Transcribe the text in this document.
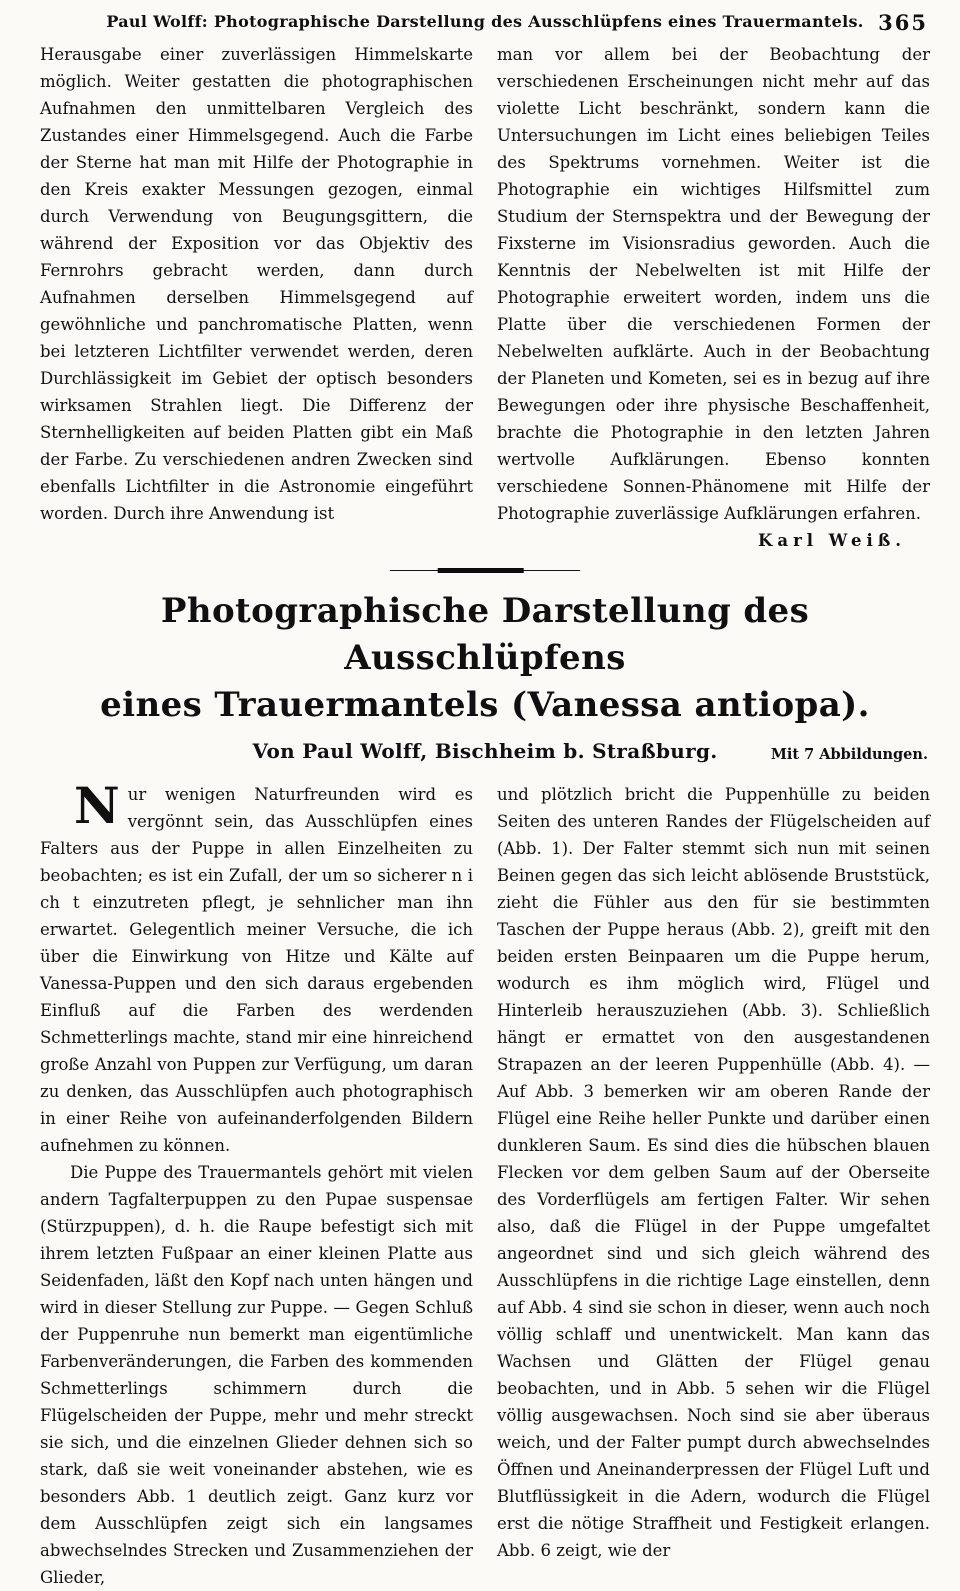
Paul Wolff: Photographische Darstellung des Ausschlüpfens eines Trauermantels. 365

Herausgabe einer zuverlässigen Himmelskarte möglich. Weiter gestatten die photographischen Aufnahmen den unmittelbaren Vergleich des Zustandes einer Himmelsgegend. Auch die Farbe der Sterne hat man mit Hilfe der Photographie in den Kreis exakter Messungen gezogen, einmal durch Verwendung von Beugungsgittern, die während der Exposition vor das Objektiv des Fernrohrs gebracht werden, dann durch Aufnahmen derselben Himmelsgegend auf gewöhnliche und panchromatische Platten, wenn bei letzteren Lichtfilter verwendet werden, deren Durchlässigkeit im Gebiet der optisch besonders wirksamen Strahlen liegt. Die Differenz der Sternhelligkeiten auf beiden Platten gibt ein Maß der Farbe. Zu verschiedenen andren Zwecken sind ebenfalls Lichtfilter in die Astronomie eingeführt worden. Durch ihre Anwendung ist

man vor allem bei der Beobachtung der verschiedenen Erscheinungen nicht mehr auf das violette Licht beschränkt, sondern kann die Untersuchungen im Licht eines beliebigen Teiles des Spektrums vornehmen. Weiter ist die Photographie ein wichtiges Hilfsmittel zum Studium der Sternspektra und der Bewegung der Fixsterne im Visionsradius geworden. Auch die Kenntnis der Nebelwelten ist mit Hilfe der Photographie erweitert worden, indem uns die Platte über die verschiedenen Formen der Nebelwelten aufklärte. Auch in der Beobachtung der Planeten und Kometen, sei es in bezug auf ihre Bewegungen oder ihre physische Beschaffenheit, brachte die Photographie in den letzten Jahren wertvolle Aufklärungen. Ebenso konnten verschiedene Sonnen-Phänomene mit Hilfe der Photographie zuverlässige Aufklärungen erfahren.

Karl Weiß.
Photographische Darstellung des Ausschlüpfens
eines Trauermantels (Vanessa antiopa).
Von Paul Wolff, Bischheim b. Straßburg.	Mit 7 Abbildungen.

Nur wenigen Naturfreunden wird es vergönnt sein, das Ausschlüpfen eines Falters aus der Puppe in allen Einzelheiten zu beobachten; es ist ein Zufall, der um so sicherer n i ch t einzutreten pflegt, je sehnlicher man ihn erwartet. Gelegentlich meiner Versuche, die ich über die Einwirkung von Hitze und Kälte auf Vanessa-Puppen und den sich daraus ergebenden Einfluß auf die Farben des werdenden Schmetterlings machte, stand mir eine hinreichend große Anzahl von Puppen zur Verfügung, um daran zu denken, das Ausschlüpfen auch photographisch in einer Reihe von aufeinanderfolgenden Bildern aufnehmen zu können.

Die Puppe des Trauermantels gehört mit vielen andern Tagfalterpuppen zu den Pupae suspensae (Stürzpuppen), d. h. die Raupe befestigt sich mit ihrem letzten Fußpaar an einer kleinen Platte aus Seidenfaden, läßt den Kopf nach unten hängen und wird in dieser Stellung zur Puppe. — Gegen Schluß der Puppenruhe nun bemerkt man eigentümliche Farbenveränderungen, die Farben des kommenden Schmetterlings schimmern durch die Flügelscheiden der Puppe, mehr und mehr streckt sie sich, und die einzelnen Glieder dehnen sich so stark, daß sie weit voneinander abstehen, wie es besonders Abb. 1 deutlich zeigt. Ganz kurz vor dem Ausschlüpfen zeigt sich ein langsames abwechselndes Strecken und Zusammenziehen der Glieder,

und plötzlich bricht die Puppenhülle zu beiden Seiten des unteren Randes der Flügelscheiden auf (Abb. 1). Der Falter stemmt sich nun mit seinen Beinen gegen das sich leicht ablösende Bruststück, zieht die Fühler aus den für sie bestimmten Taschen der Puppe heraus (Abb. 2), greift mit den beiden ersten Beinpaaren um die Puppe herum, wodurch es ihm möglich wird, Flügel und Hinterleib herauszuziehen (Abb. 3). Schließlich hängt er ermattet von den ausgestandenen Strapazen an der leeren Puppenhülle (Abb. 4). — Auf Abb. 3 bemerken wir am oberen Rande der Flügel eine Reihe heller Punkte und darüber einen dunkleren Saum. Es sind dies die hübschen blauen Flecken vor dem gelben Saum auf der Oberseite des Vorderflügels am fertigen Falter. Wir sehen also, daß die Flügel in der Puppe umgefaltet angeordnet sind und sich gleich während des Ausschlüpfens in die richtige Lage einstellen, denn auf Abb. 4 sind sie schon in dieser, wenn auch noch völlig schlaff und unentwickelt. Man kann das Wachsen und Glätten der Flügel genau beobachten, und in Abb. 5 sehen wir die Flügel völlig ausgewachsen. Noch sind sie aber überaus weich, und der Falter pumpt durch abwechselndes Öffnen und Aneinanderpressen der Flügel Luft und Blutflüssigkeit in die Adern, wodurch die Flügel erst die nötige Straffheit und Festigkeit erlangen. Abb. 6 zeigt, wie der
